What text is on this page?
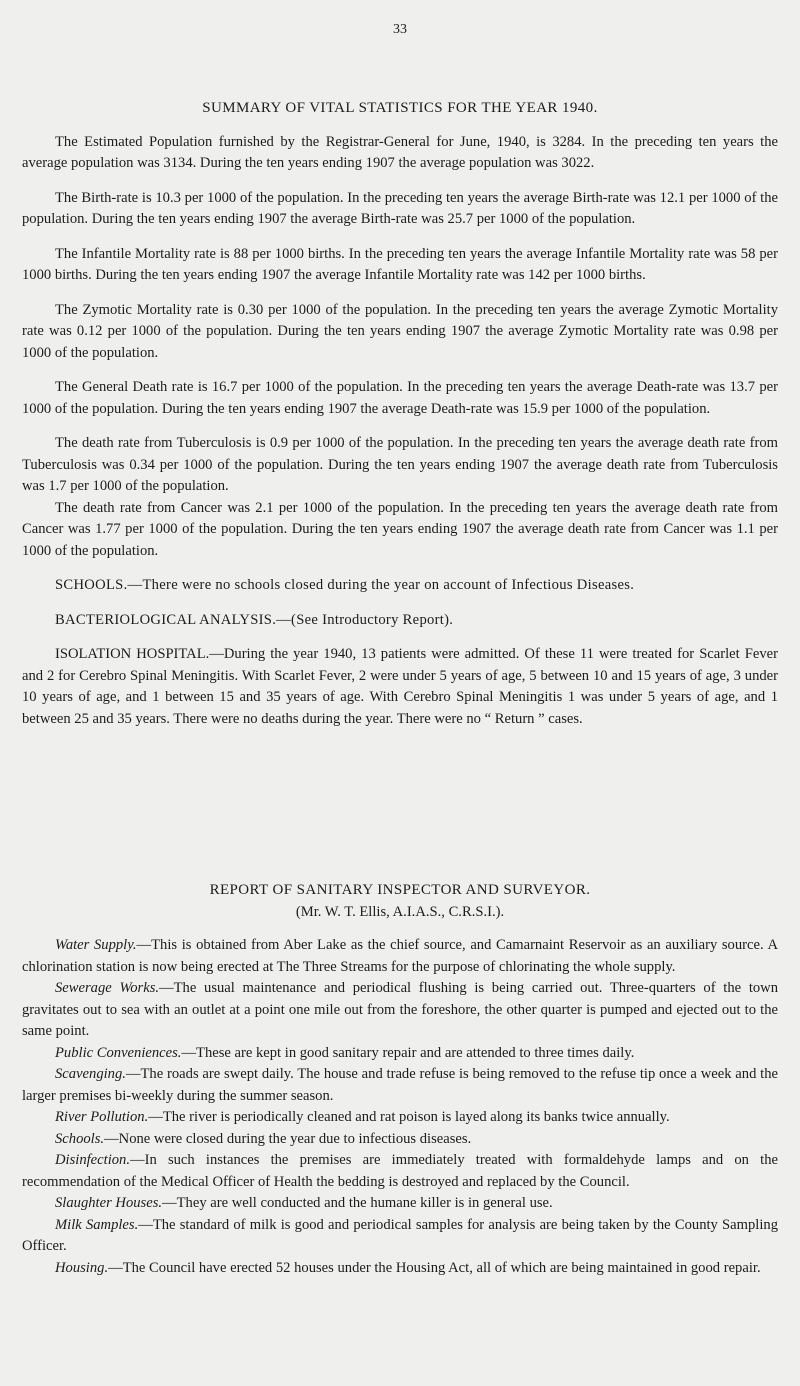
33
SUMMARY OF VITAL STATISTICS FOR THE YEAR 1940.

The Estimated Population furnished by the Registrar-General for June, 1940, is 3284. In the preceding ten years the average population was 3134. During the ten years ending 1907 the average population was 3022.

The Birth-rate is 10.3 per 1000 of the population. In the preceding ten years the average Birth-rate was 12.1 per 1000 of the population. During the ten years ending 1907 the average Birth-rate was 25.7 per 1000 of the population.

The Infantile Mortality rate is 88 per 1000 births. In the preceding ten years the average Infantile Mortality rate was 58 per 1000 births. During the ten years ending 1907 the average Infantile Mortality rate was 142 per 1000 births.

The Zymotic Mortality rate is 0.30 per 1000 of the population. In the preceding ten years the average Zymotic Mortality rate was 0.12 per 1000 of the population. During the ten years ending 1907 the average Zymotic Mortality rate was 0.98 per 1000 of the population.

The General Death rate is 16.7 per 1000 of the population. In the preceding ten years the average Death-rate was 13.7 per 1000 of the population. During the ten years ending 1907 the average Death-rate was 15.9 per 1000 of the population.

The death rate from Tuberculosis is 0.9 per 1000 of the population. In the preceding ten years the average death rate from Tuberculosis was 0.34 per 1000 of the population. During the ten years ending 1907 the average death rate from Tuberculosis was 1.7 per 1000 of the population.

The death rate from Cancer was 2.1 per 1000 of the population. In the preceding ten years the average death rate from Cancer was 1.77 per 1000 of the population. During the ten years ending 1907 the average death rate from Cancer was 1.1 per 1000 of the population.

SCHOOLS.—There were no schools closed during the year on account of Infectious Diseases.

BACTERIOLOGICAL ANALYSIS.—(See Introductory Report).

ISOLATION HOSPITAL.—During the year 1940, 13 patients were admitted. Of these 11 were treated for Scarlet Fever and 2 for Cerebro Spinal Meningitis. With Scarlet Fever, 2 were under 5 years of age, 5 between 10 and 15 years of age, 3 under 10 years of age, and 1 between 15 and 35 years of age. With Cerebro Spinal Meningitis 1 was under 5 years of age, and 1 between 25 and 35 years. There were no deaths during the year. There were no “ Return ” cases.

REPORT OF SANITARY INSPECTOR AND SURVEYOR.
(Mr. W. T. Ellis, A.I.A.S., C.R.S.I.).

Water Supply.—This is obtained from Aber Lake as the chief source, and Camarnaint Reservoir as an auxiliary source. A chlorination station is now being erected at The Three Streams for the purpose of chlorinating the whole supply.

Sewerage Works.—The usual maintenance and periodical flushing is being carried out. Three-quarters of the town gravitates out to sea with an outlet at a point one mile out from the foreshore, the other quarter is pumped and ejected out to the same point.

Public Conveniences.—These are kept in good sanitary repair and are attended to three times daily.

Scavenging.—The roads are swept daily. The house and trade refuse is being removed to the refuse tip once a week and the larger premises bi-weekly during the summer season.

River Pollution.—The river is periodically cleaned and rat poison is layed along its banks twice annually.

Schools.—None were closed during the year due to infectious diseases.

Disinfection.—In such instances the premises are immediately treated with formaldehyde lamps and on the recommendation of the Medical Officer of Health the bedding is destroyed and replaced by the Council.

Slaughter Houses.—They are well conducted and the humane killer is in general use.

Milk Samples.—The standard of milk is good and periodical samples for analysis are being taken by the County Sampling Officer.

Housing.—The Council have erected 52 houses under the Housing Act, all of which are being maintained in good repair.
